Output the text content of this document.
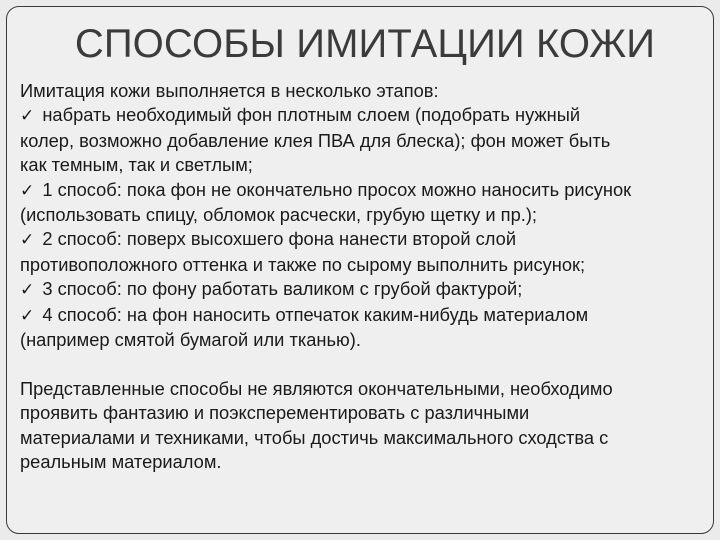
СПОСОБЫ ИМИТАЦИИ КОЖИ
Имитация кожи выполняется в несколько этапов:
✓ набрать необходимый фон плотным слоем (подобрать нужный
колер, возможно добавление клея ПВА для блеска); фон может быть
как темным, так и светлым;
✓ 1 способ: пока фон не окончательно просох можно наносить рисунок
(использовать спицу, обломок расчески, грубую щетку и пр.);
✓ 2 способ: поверх высохшего фона нанести второй слой
противоположного оттенка и также по сырому выполнить рисунок;
✓ 3 способ: по фону работать валиком с грубой фактурой;
✓ 4 способ: на фон наносить отпечаток каким-нибудь материалом
(например смятой бумагой или тканью).
Представленные способы не являются окончательными, необходимо
проявить фантазию и поэксперементировать с различными
материалами и техниками, чтобы достичь максимального сходства с
реальным материалом.
